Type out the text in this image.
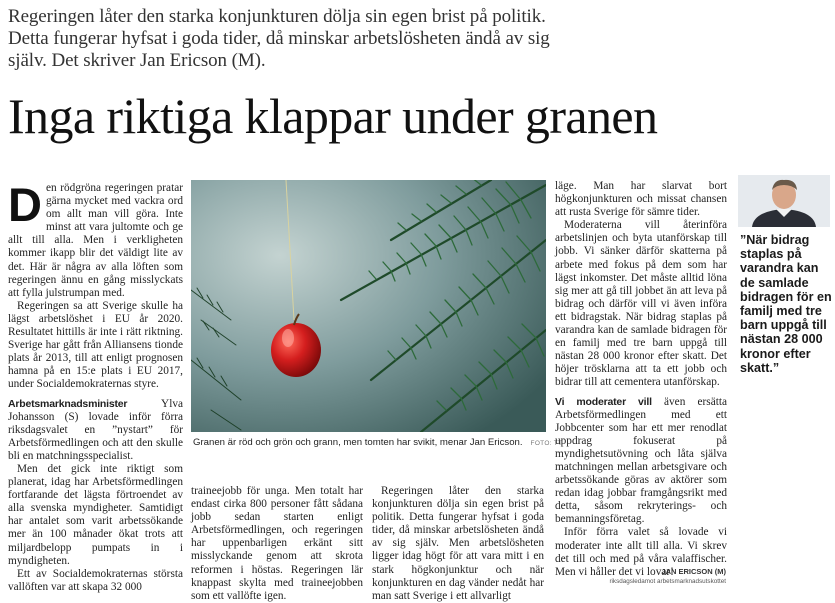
Regeringen låter den starka konjunkturen dölja sin egen brist på politik.
Detta fungerar hyfsat i goda tider, då minskar arbetslösheten ändå av sig
själv. Det skriver Jan Ericson (M).
Inga riktiga klappar under granen

Den rödgröna regeringen pratar gärna mycket med vackra ord om allt man vill göra. Inte minst att vara jultomte och ge allt till alla. Men i verkligheten kommer ikapp blir det väldigt lite av det. Här är några av alla löften som regeringen ännu en gång misslyckats att fylla julstrumpan med.

Regeringen sa att Sverige skulle ha lägst arbetslöshet i EU år 2020. Resultatet hittills är inte i rätt riktning. Sverige har gått från Alliansens tionde plats år 2013, till att enligt prognosen hamna på en 15:e plats i EU 2017, under Socialdemokraternas styre.

Arbetsmarknadsminister Ylva Johansson (S) lovade inför förra riksdagsvalet en ”nystart” för Arbetsförmedlingen och att den skulle bli en matchningsspecialist.

Men det gick inte riktigt som planerat, idag har Arbetsförmedlingen fortfarande det lägsta förtroendet av alla svenska myndigheter. Samtidigt har antalet som varit arbetssökande mer än 100 månader ökat trots att miljardbelopp pumpats in i myndigheten.

Ett av Socialdemokraternas största vallöften var att skapa 32 000

Granen är röd och grön och grann, men tomten har svikit, menar Jan Ericson. FOTO: TT

traineejobb för unga. Men totalt har endast cirka 800 personer fått sådana jobb sedan starten enligt Arbetsförmedlingen, och regeringen har uppenbarligen erkänt sitt misslyckande genom att skrota reformen i höstas. Regeringen lär knappast skylta med traineejobben som ett vallöfte igen.

Regeringen låter den starka konjunkturen dölja sin egen brist på politik. Detta fungerar hyfsat i goda tider, då minskar arbetslösheten ändå av sig själv. Men arbetslösheten ligger idag högt för att vara mitt i en stark högkonjunktur och när konjunkturen en dag vänder nedåt har man satt Sverige i ett allvarligt

läge. Man har slarvat bort högkonjunkturen och missat chansen att rusta Sverige för sämre tider.

Moderaterna vill återinföra arbetslinjen och byta utanförskap till jobb. Vi sänker därför skatterna på arbete med fokus på dem som har lägst inkomster. Det måste alltid löna sig mer att gå till jobbet än att leva på bidrag och därför vill vi även införa ett bidragstak. När bidrag staplas på varandra kan de samlade bidragen för en familj med tre barn uppgå till nästan 28 000 kronor efter skatt. Det höjer trösklarna att ta ett jobb och bidrar till att cementera utanförskap.

Vi moderater vill även ersätta Arbetsförmedlingen med ett Jobbcenter som har ett mer renodlat uppdrag fokuserat på myndighetsutövning och låta själva matchningen mellan arbetsgivare och arbetssökande göras av aktörer som redan idag jobbar framgångsrikt med detta, såsom rekryterings- och bemanningsföretag.

Inför förra valet så lovade vi moderater inte allt till alla. Vi skrev det till och med på våra valaffischer. Men vi håller det vi lovar!

”När bidrag staplas på varandra kan de samlade bidragen för en familj med tre barn uppgå till nästan 28 000 kronor efter skatt.”
JAN ERICSON (M)
riksdagsledamot arbetsmarknadsutskottet
